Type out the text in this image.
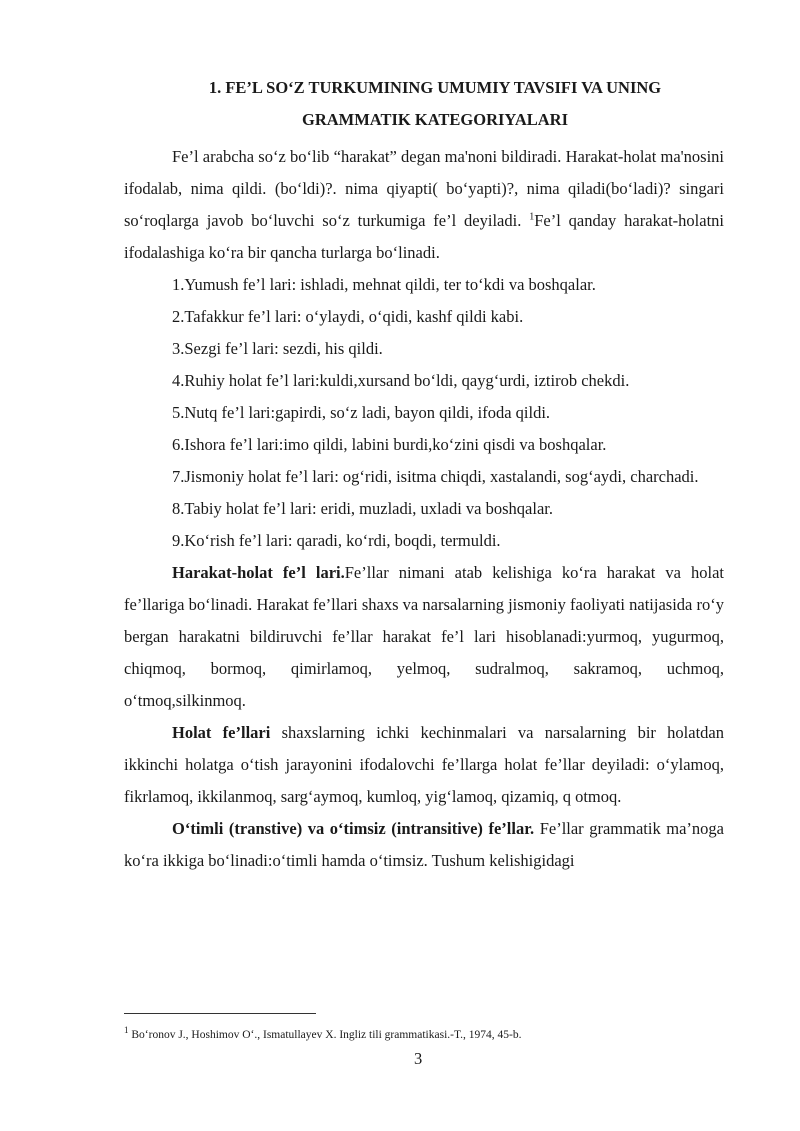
1. FE’L SO‘Z TURKUMINING UMUMIY TAVSIFI VA UNING
GRAMMATIK KATEGORIYALARI

Fe’l arabcha so‘z bo‘lib “harakat” degan ma'noni bildiradi. Harakat-holat ma'nosini ifodalab, nima qildi. (bo‘ldi)?. nima qiyapti( bo‘yapti)?, nima qiladi(bo‘ladi)? singari so‘roqlarga javob bo‘luvchi so‘z turkumiga fe’l deyiladi. $^1$Fe’l qanday harakat-holatni ifodalashiga ko‘ra bir qancha turlarga bo‘linadi.

1.Yumush fe’l lari: ishladi, mehnat qildi, ter to‘kdi va boshqalar.

2.Tafakkur fe’l lari: o‘ylaydi, o‘qidi, kashf qildi kabi.

3.Sezgi fe’l lari: sezdi, his qildi.

4.Ruhiy holat fe’l lari:kuldi,xursand bo‘ldi, qayg‘urdi, iztirob chekdi.

5.Nutq fe’l lari:gapirdi, so‘z ladi, bayon qildi, ifoda qildi.

6.Ishora fe’l lari:imo qildi, labini burdi,ko‘zini qisdi va boshqalar.

7.Jismoniy holat fe’l lari: og‘ridi, isitma chiqdi, xastalandi, sog‘aydi, charchadi.

8.Tabiy holat fe’l lari: eridi, muzladi, uxladi va boshqalar.

9.Ko‘rish fe’l lari: qaradi, ko‘rdi, boqdi, termuldi.

Harakat-holat fe’l lari.Fe’llar nimani atab kelishiga ko‘ra harakat va holat fe’llariga bo‘linadi. Harakat fe’llari shaxs va narsalarning jismoniy faoliyati natijasida ro‘y bergan harakatni bildiruvchi fe’llar harakat fe’l lari hisoblanadi:yurmoq, yugurmoq, chiqmoq, bormoq, qimirlamoq, yelmoq, sudralmoq, sakramoq, uchmoq, o‘tmoq,silkinmoq.

Holat fe’llari shaxslarning ichki kechinmalari va narsalarning bir holatdan ikkinchi holatga o‘tish jarayonini ifodalovchi fe’llarga holat fe’llar deyiladi: o‘ylamoq, fikrlamoq, ikkilanmoq, sarg‘aymoq, kumloq, yig‘lamoq, qizamiq, q otmoq.

O‘timli (transtive) va o‘timsiz (intransitive) fe’llar. Fe’llar grammatik ma’noga ko‘ra ikkiga bo‘linadi:o‘timli hamda o‘timsiz. Tushum kelishigidagi

$^1$ Bo‘ronov J., Hoshimov O‘., Ismatullayev X. Ingliz tili grammatikasi.-T., 1974, 45-b.
3
